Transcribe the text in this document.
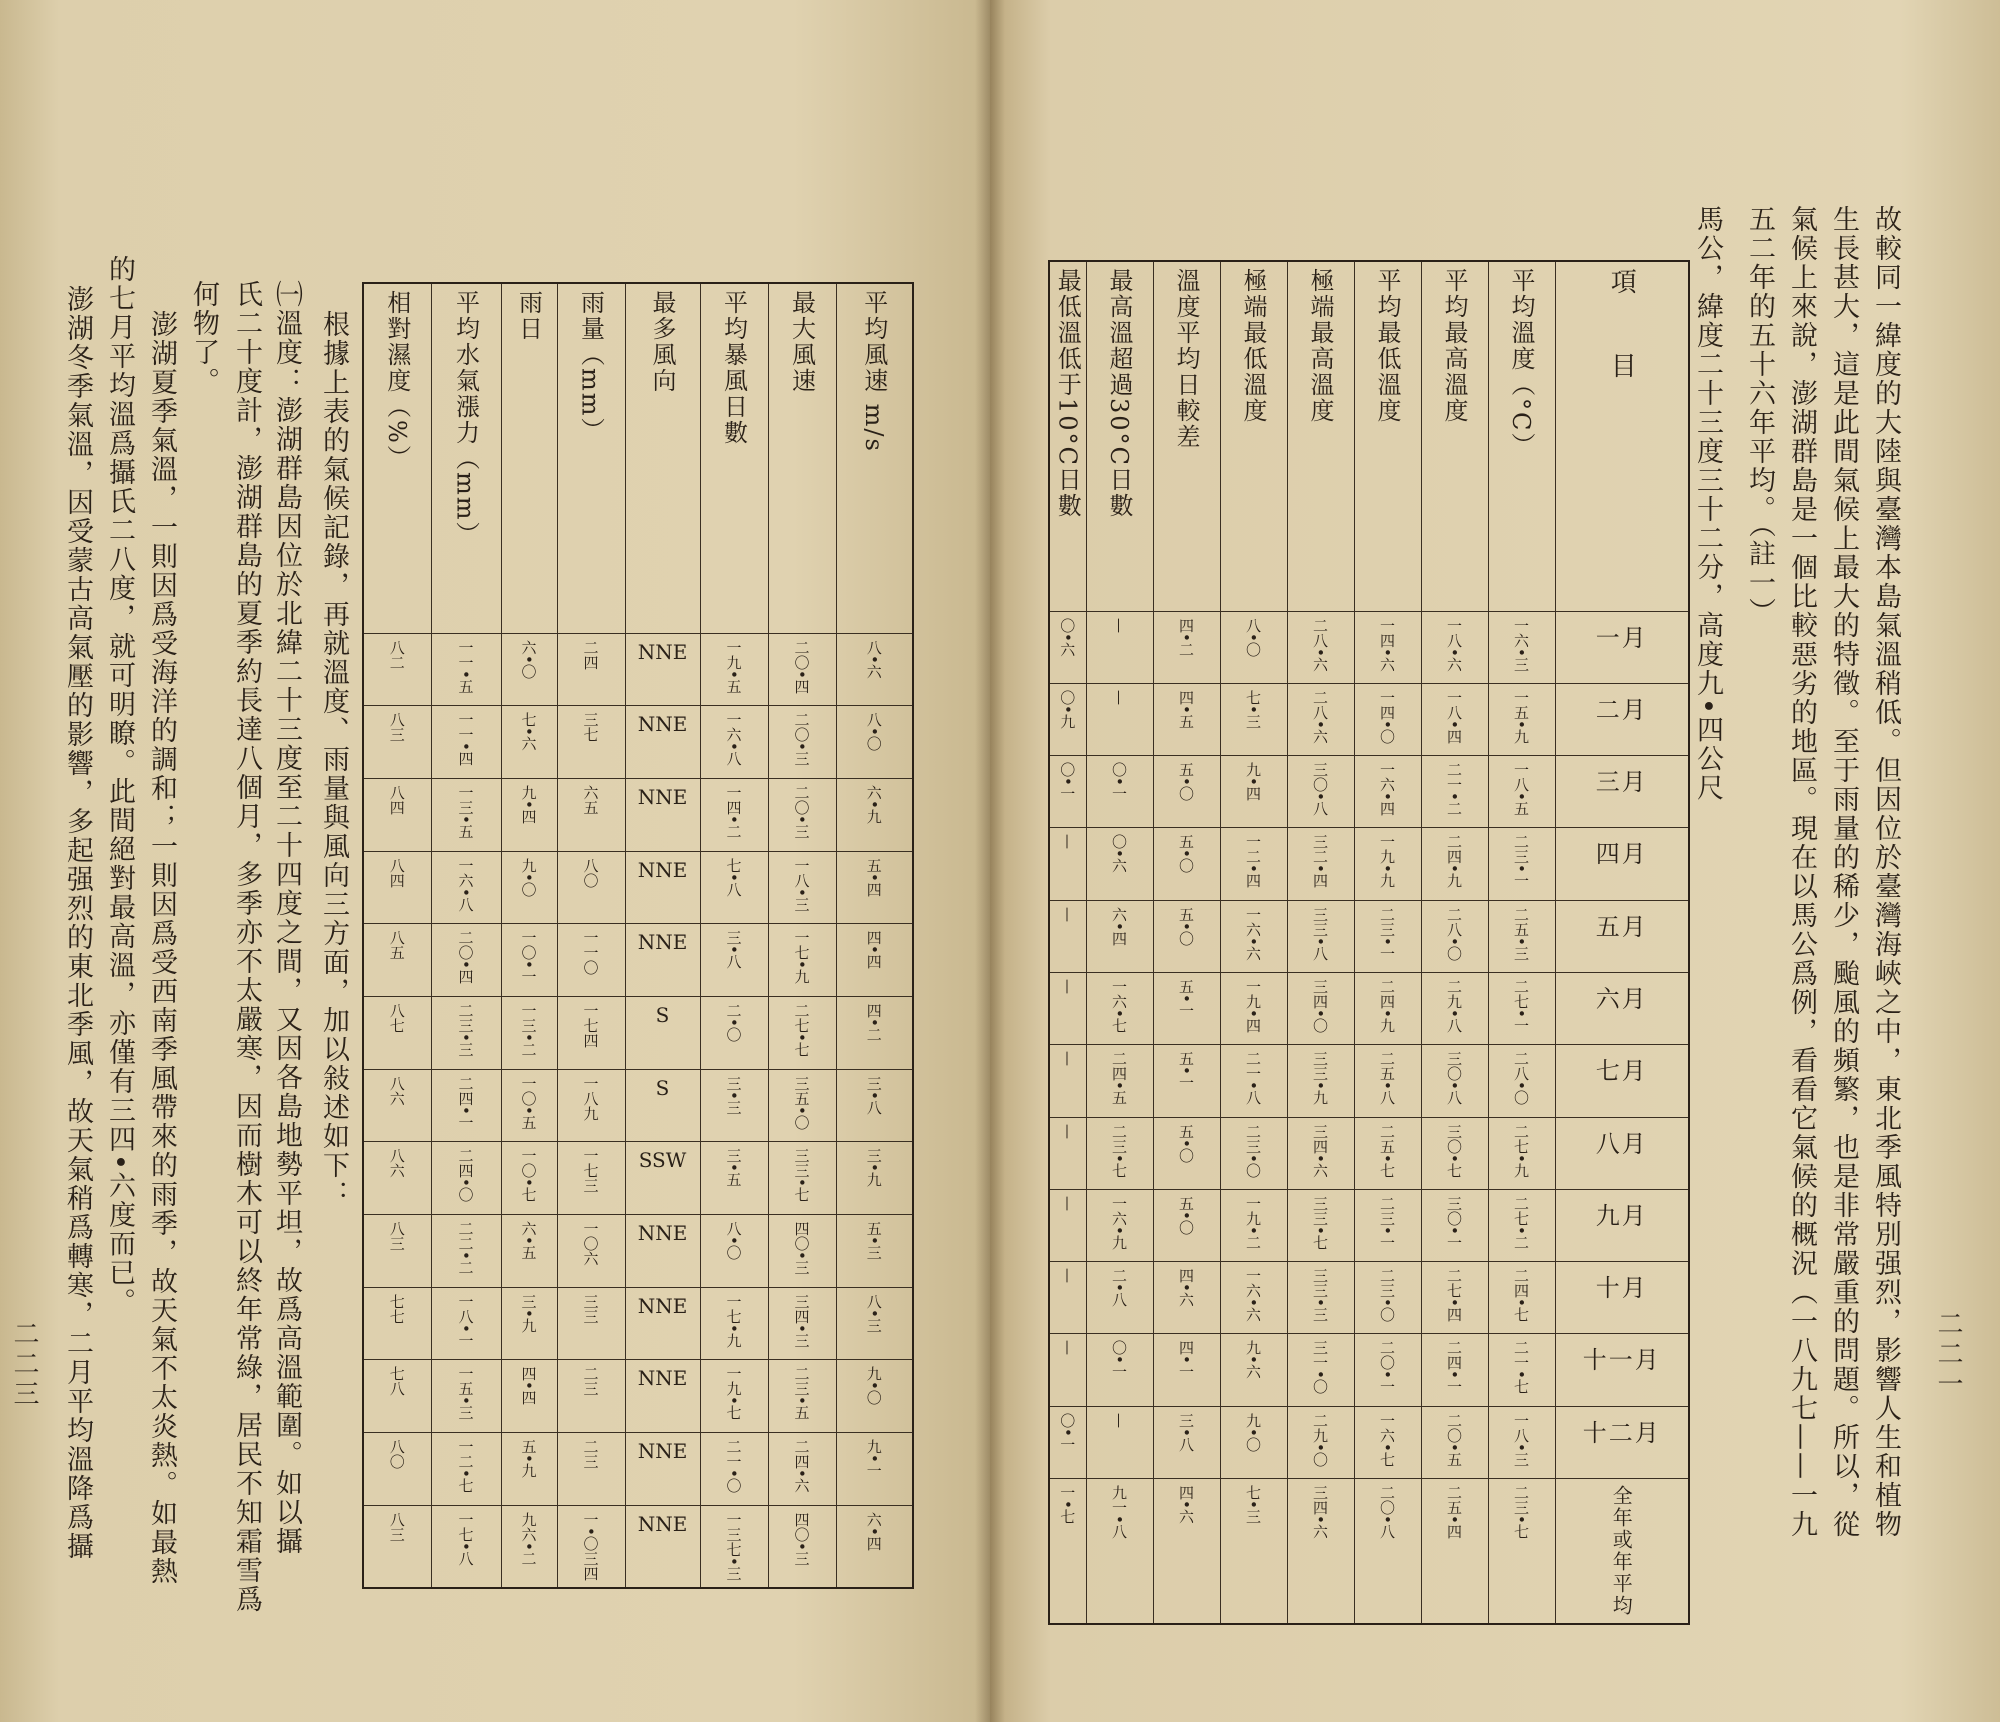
二二一
故較同一緯度的大陸與臺灣本島氣溫稍低。但因位於臺灣海峽之中，東北季風特別强烈，影響人生和植物
生長甚大，這是此間氣候上最大的特徵。至于雨量的稀少，颱風的頻繁，也是非常嚴重的問題。所以，從
氣候上來說，澎湖群島是一個比較惡劣的地區。現在以馬公爲例，看看它氣候的概況（一八九七——一九
五二年的五十六年平均。（註一）
馬公，緯度二十三度三十二分，高度九•四公尺
最低溫低于10°C日數	最高溫超過30°C日數	溫度平均日較差	極端最低溫度	極端最高溫度	平均最低溫度	平均最高溫度	平均溫度（°C）	項　　目

〇•六	—	四•二	八•〇	二八•六	一四•六	一八•六	一六•三	一月

〇•九	—	四•五	七•三	二八•六	一四•〇	一八•四	一五•九	二月

〇•一	〇•一	五•〇	九•四	三〇•八	一六•四	二一•二	一八•五	三月

—	〇•六	五•〇	一二•四	三二•四	一九•九	二四•九	二三•一	四月

—	六•四	五•〇	一六•六	三三•八	二三•一	二八•〇	二五•三	五月

—	一六•七	五•一	一九•四	三四•〇	二四•九	二九•八	二七•一	六月

—	二四•五	五•一	二一•八	三三•九	二五•八	三〇•八	二八•〇	七月

—	二三•七	五•〇	二三•〇	三四•六	二五•七	三〇•七	二七•九	八月

—	一六•九	五•〇	一九•二	三三•七	二三•一	三〇•一	二七•二	九月

—	二•八	四•六	一六•六	三三•三	二三•〇	二七•四	二四•七	十月

—	〇•一	四•一	九•六	三一•〇	二〇•一	二四•一	二一•七	十一月

〇•一	—	三•八	九•〇	二九•〇	一六•七	二〇•五	一八•三	十二月

一•七	九一•八	四•六	七•三	三四•六	二〇•八	二五•四	二三•七	全年或年平均
二二三
根據上表的氣候記錄，再就溫度、雨量與風向三方面，加以敍述如下：
㈠溫度：澎湖群島因位於北緯二十三度至二十四度之間，又因各島地勢平坦，故爲高溫範圍。如以攝
氏二十度計，澎湖群島的夏季約長達八個月，多季亦不太嚴寒，因而樹木可以終年常綠，居民不知霜雪爲
何物了。
澎湖夏季氣溫，一則因爲受海洋的調和；一則因爲受西南季風帶來的雨季，故天氣不太炎熱。如最熱
的七月平均溫爲攝氏二八度，就可明瞭。此間絕對最高溫，亦僅有三四•六度而已。
澎湖冬季氣溫，因受蒙古高氣壓的影響，多起强烈的東北季風，故天氣稍爲轉寒，二月平均溫降爲攝	相對濕度（%）	平均水氣漲力（mm）	雨日	雨量（mm）	最多風向	平均暴風日數	最大風速	平均風速 m/s

八二	一一•五	六•〇	二四	NNE	一九•五	二〇•四	八•六

八三	一一•四	七•六	三七	NNE	一六•八	二〇•三	八•〇

八四	一三•五	九•四	六五	NNE	一四•二	二〇•三	六•九

八四	一六•八	九•〇	八〇	NNE	七•八	一八•三	五•四

八五	二〇•四	一〇•一	一一〇	NNE	三•八	一七•九	四•四

八七	二三•三	一三•二	一七四	S	二•〇	二七•七	四•二

八六	二四•一	一〇•五	一八九	S	三•三	三五•〇	三•八

八六	二四•〇	一〇•七	一七三	SSW	三•五	三三•七	三•九

八三	二二•二	六•五	一〇六	NNE	八•〇	四〇•三	五•三

七七	一八•一	三•九	三三	NNE	一七•九	三四•三	八•三

七八	一五•三	四•四	二三	NNE	一九•七	二三•五	九•〇

八〇	一二•七	五•九	二三	NNE	二一•〇	二四•六	九•一

八三	一七•八	九六•二	一•〇三四	NNE	一三七•三	四〇•三	六•四
